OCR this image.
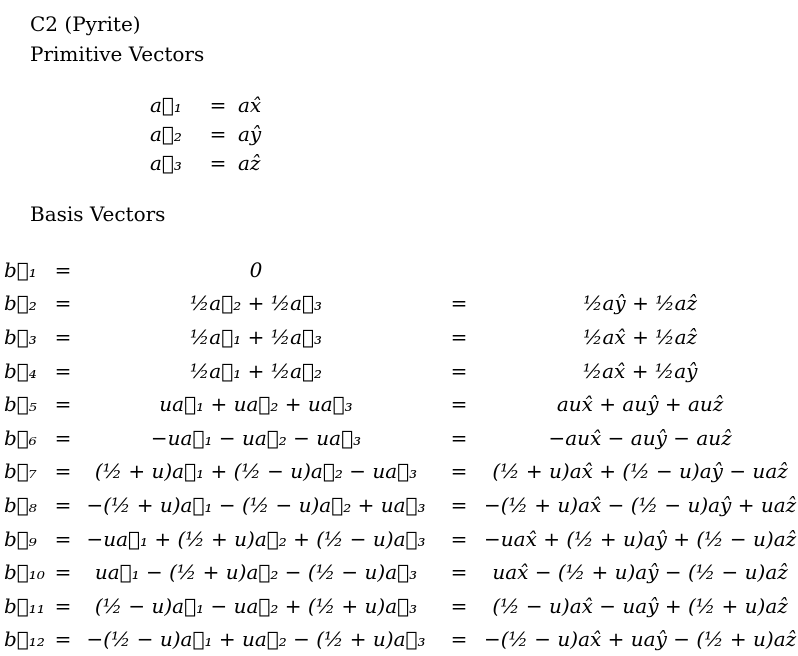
C2 (Pyrite)
Primitive Vectors
a⃗₁	=	ax̂
a⃗₂	=	aŷ
a⃗₃	=	aẑ
Basis Vectors
b⃗₁	=	0		
b⃗₂	=	½a⃗₂ + ½a⃗₃	=	½aŷ + ½aẑ
b⃗₃	=	½a⃗₁ + ½a⃗₃	=	½ax̂ + ½aẑ
b⃗₄	=	½a⃗₁ + ½a⃗₂	=	½ax̂ + ½aŷ
b⃗₅	=	ua⃗₁ + ua⃗₂ + ua⃗₃	=	aux̂ + auŷ + auẑ
b⃗₆	=	−ua⃗₁ − ua⃗₂ − ua⃗₃	=	−aux̂ − auŷ − auẑ
b⃗₇	=	(½ + u)a⃗₁ + (½ − u)a⃗₂ − ua⃗₃	=	(½ + u)ax̂ + (½ − u)aŷ − uaẑ
b⃗₈	=	−(½ + u)a⃗₁ − (½ − u)a⃗₂ + ua⃗₃	=	−(½ + u)ax̂ − (½ − u)aŷ + uaẑ
b⃗₉	=	−ua⃗₁ + (½ + u)a⃗₂ + (½ − u)a⃗₃	=	−uax̂ + (½ + u)aŷ + (½ − u)aẑ
b⃗₁₀	=	ua⃗₁ − (½ + u)a⃗₂ − (½ − u)a⃗₃	=	uax̂ − (½ + u)aŷ − (½ − u)aẑ
b⃗₁₁	=	(½ − u)a⃗₁ − ua⃗₂ + (½ + u)a⃗₃	=	(½ − u)ax̂ − uaŷ + (½ + u)aẑ
b⃗₁₂	=	−(½ − u)a⃗₁ + ua⃗₂ − (½ + u)a⃗₃	=	−(½ − u)ax̂ + uaŷ − (½ + u)aẑ
